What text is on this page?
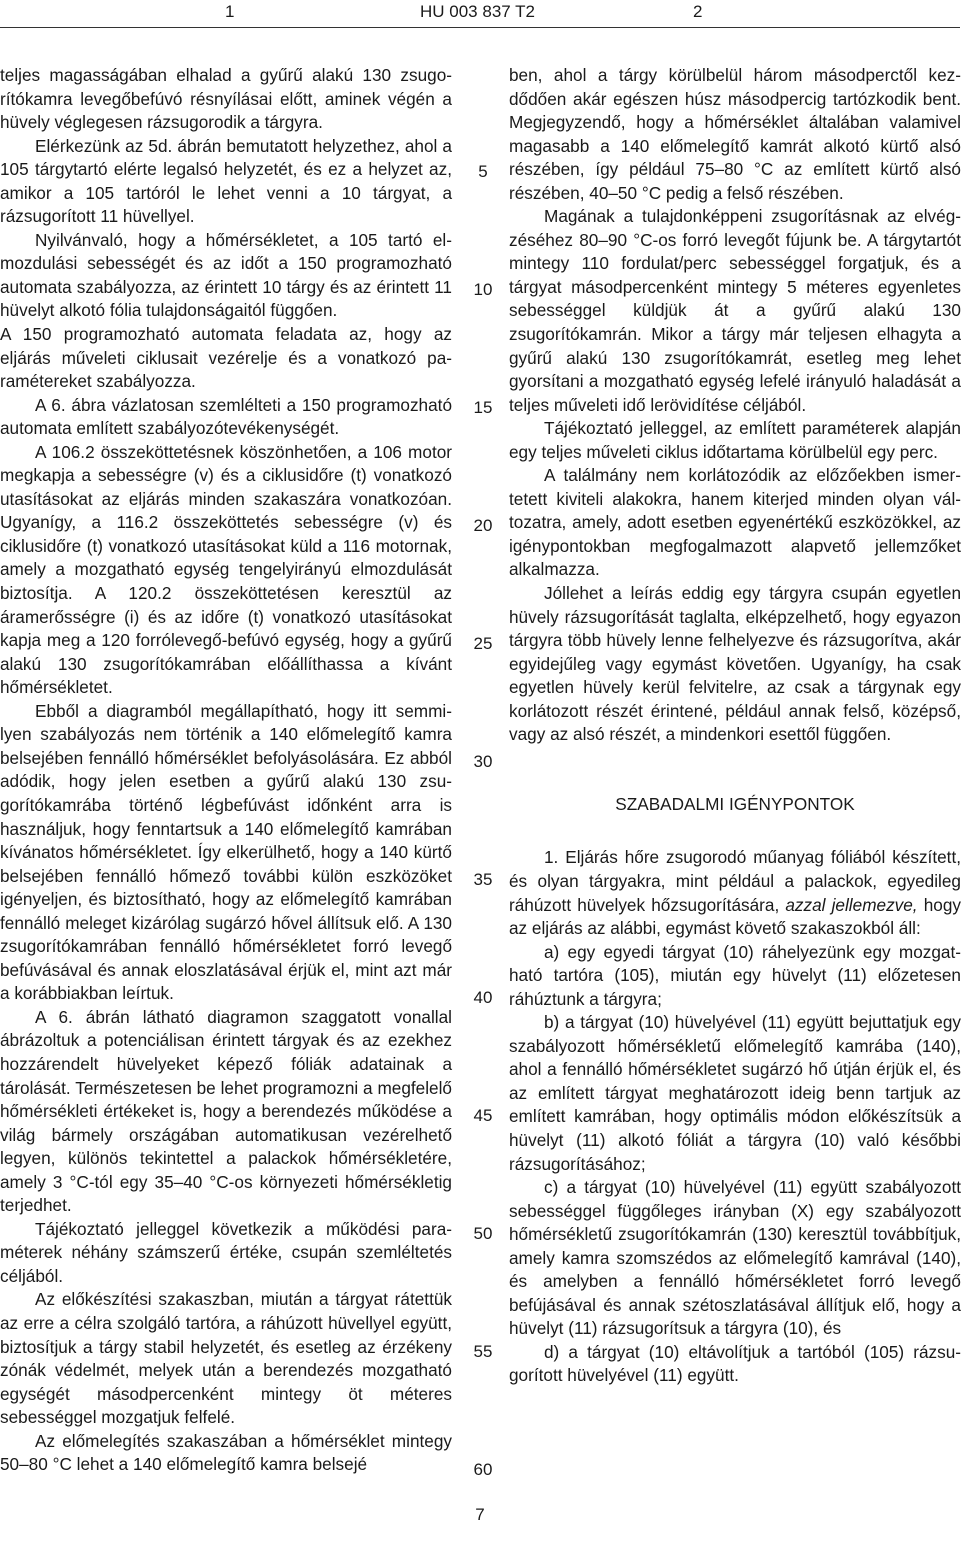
1	HU 003 837 T2	2

teljes magasságában elhalad a gyűrű alakú 130 zsugorítókamra levegőbefúvó résnyílásai előtt, aminek végén a hüvely véglegesen rázsugorodik a tárgyra.

Elérkezünk az 5d. ábrán bemutatott helyzethez, ahol a 105 tárgytartó elérte legalsó helyzetét, és ez a helyzet az, amikor a 105 tartóról le lehet venni a 10 tárgyat, a rázsugorított 11 hüvellyel.

Nyilvánvaló, hogy a hőmérsékletet, a 105 tartó elmozdulási sebességét és az időt a 150 programozható automata szabályozza, az érintett 10 tárgy és az érintett 11 hüvelyt alkotó fólia tulajdonságaitól függően.

A 150 programozható automata feladata az, hogy az eljárás műveleti ciklusait vezérelje és a vonatkozó paramétereket szabályozza.

A 6. ábra vázlatosan szemlélteti a 150 programozható automata említett szabályozótevékenységét.

A 106.2 összeköttetésnek köszönhetően, a 106 motor megkapja a sebességre (v) és a ciklusidőre (t) vonatkozó utasításokat az eljárás minden szakaszára vonatkozóan. Ugyanígy, a 116.2 összeköttetés sebességre (v) és ciklusidőre (t) vonatkozó utasításokat küld a 116 motornak, amely a mozgatható egység tengelyirányú elmozdulását biztosítja. A 120.2 összeköttetésen keresztül az áramerősségre (i) és az időre (t) vonatkozó utasításokat kapja meg a 120 forrólevegő-befúvó egység, hogy a gyűrű alakú 130 zsugorítókamrában előállíthassa a kívánt hőmérsékletet.

Ebből a diagramból megállapítható, hogy itt semmilyen szabályozás nem történik a 140 előmelegítő kamra belsejében fennálló hőmérséklet befolyásolására. Ez abból adódik, hogy jelen esetben a gyűrű alakú 130 zsugorítókamrába történő légbefúvást időnként arra is használjuk, hogy fenntartsuk a 140 előmelegítő kamrában kívánatos hőmérsékletet. Így elkerülhető, hogy a 140 kürtő belsejében fennálló hőmező további külön eszközöket igényeljen, és biztosítható, hogy az előmelegítő kamrában fennálló meleget kizárólag sugárzó hővel állítsuk elő. A 130 zsugorítókamrában fennálló hőmérsékletet forró levegő befúvásával és annak eloszlatásával érjük el, mint azt már a korábbiakban leírtuk.

A 6. ábrán látható diagramon szaggatott vonallal ábrázoltuk a potenciálisan érintett tárgyak és az ezekhez hozzárendelt hüvelyeket képező fóliák adatainak a tárolását. Természetesen be lehet programozni a megfelelő hőmérsékleti értékeket is, hogy a berendezés működése a világ bármely országában automatikusan vezérelhető legyen, különös tekintettel a palackok hőmérsékletére, amely 3 °C-tól egy 35–40 °C-os környezeti hőmérsékletig terjedhet.

Tájékoztató jelleggel következik a működési paraméterek néhány számszerű értéke, csupán szemléltetés céljából.

Az előkészítési szakaszban, miután a tárgyat rátettük az erre a célra szolgáló tartóra, a ráhúzott hüvellyel együtt, biztosítjuk a tárgy stabil helyzetét, és esetleg az érzékeny zónák védelmét, melyek után a berendezés mozgatható egységét másodpercenként mintegy öt méteres sebességgel mozgatjuk felfelé.

Az előmelegítés szakaszában a hőmérséklet mintegy 50–80 °C lehet a 140 előmelegítő kamra belsejé

ben, ahol a tárgy körülbelül három másodperctől kezdődően akár egészen húsz másodpercig tartózkodik bent. Megjegyzendő, hogy a hőmérséklet általában valamivel magasabb a 140 előmelegítő kamrát alkotó kürtő alsó részében, így például 75–80 °C az említett kürtő alsó részében, 40–50 °C pedig a felső részében.

Magának a tulajdonképpeni zsugorításnak az elvégzéséhez 80–90 °C-os forró levegőt fújunk be. A tárgytartót mintegy 110 fordulat/perc sebességgel forgatjuk, és a tárgyat másodpercenként mintegy 5 méteres egyenletes sebességgel küldjük át a gyűrű alakú 130 zsugorítókamrán. Mikor a tárgy már teljesen elhagyta a gyűrű alakú 130 zsugorítókamrát, esetleg meg lehet gyorsítani a mozgatható egység lefelé irányuló haladását a teljes műveleti idő lerövidítése céljából.

Tájékoztató jelleggel, az említett paraméterek alapján egy teljes műveleti ciklus időtartama körülbelül egy perc.

A találmány nem korlátozódik az előzőekben ismertetett kiviteli alakokra, hanem kiterjed minden olyan változatra, amely, adott esetben egyenértékű eszközökkel, az igénypontokban megfogalmazott alapvető jellemzőket alkalmazza.

Jóllehet a leírás eddig egy tárgyra csupán egyetlen hüvely rázsugorítását taglalta, elképzelhető, hogy egyazon tárgyra több hüvely lenne felhelyezve és rázsugorítva, akár egyidejűleg vagy egymást követően. Ugyanígy, ha csak egyetlen hüvely kerül felvitelre, az csak a tárgynak egy korlátozott részét érintené, például annak felső, középső, vagy az alsó részét, a mindenkori esettől függően.

SZABADALMI IGÉNYPONTOK

1. Eljárás hőre zsugorodó műanyag fóliából készített, és olyan tárgyakra, mint például a palackok, egyedileg ráhúzott hüvelyek hőzsugorítására, azzal jellemezve, hogy az eljárás az alábbi, egymást követő szakaszokból áll:

a) egy egyedi tárgyat (10) ráhelyezünk egy mozgatható tartóra (105), miután egy hüvelyt (11) előzetesen ráhúztunk a tárgyra;

b) a tárgyat (10) hüvelyével (11) együtt bejuttatjuk egy szabályozott hőmérsékletű előmelegítő kamrába (140), ahol a fennálló hőmérsékletet sugárzó hő útján érjük el, és az említett tárgyat meghatározott ideig benn tartjuk az említett kamrában, hogy optimális módon előkészítsük a hüvelyt (11) alkotó fóliát a tárgyra (10) való későbbi rázsugorításához;

c) a tárgyat (10) hüvelyével (11) együtt szabályozott sebességgel függőleges irányban (X) egy szabályozott hőmérsékletű zsugorítókamrán (130) keresztül továbbítjuk, amely kamra szomszédos az előmelegítő kamrával (140), és amelyben a fennálló hőmérsékletet forró levegő befújásával és annak szétoszlatásával állítjuk elő, hogy a hüvelyt (11) rázsugorítsuk a tárgyra (10), és

d) a tárgyat (10) eltávolítjuk a tartóból (105) rázsugorított hüvelyével (11) együtt.

5
10
15
20
25
30
35
40
45
50
55
60
7
